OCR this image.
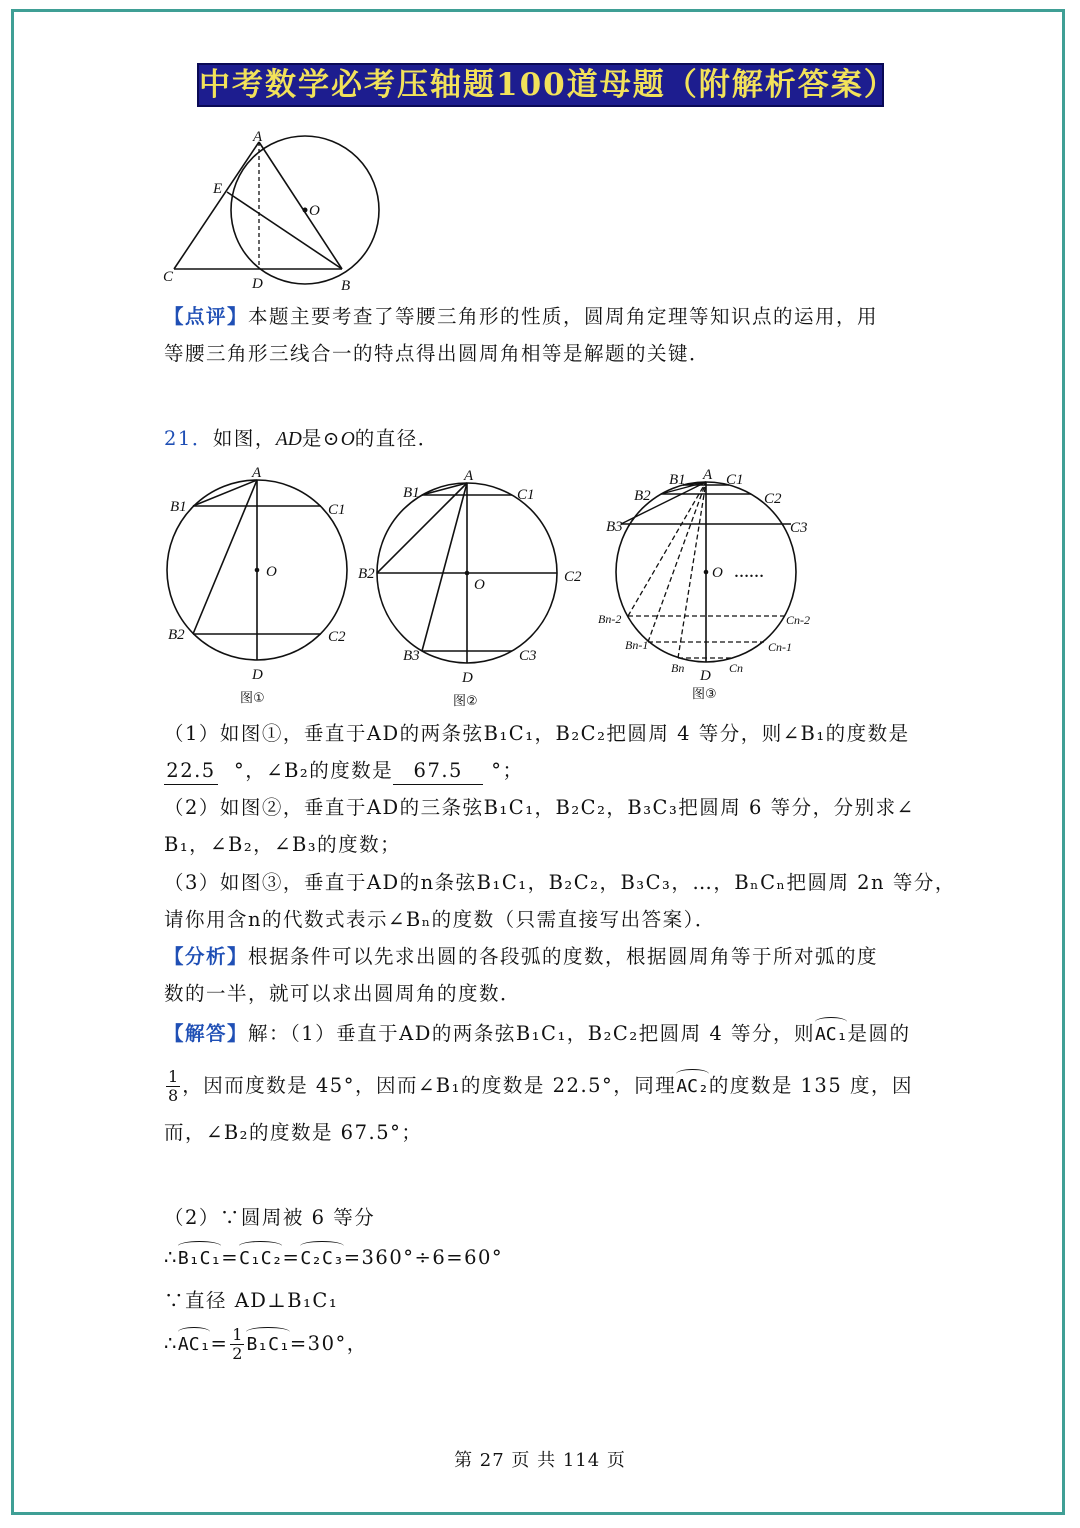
中考数学必考压轴题100道母题（附解析答案）
A
E
O
C	D	B
【点评】本题主要考查了等腰三角形的性质，圆周角定理等知识点的运用，用
等腰三角形三线合一的特点得出圆周角相等是解题的关键．
21．如图，AD是⊙O的直径．
A
B1	C1
O
B2	C2
D
图①
A
B1	C1
B2
O	C2
B3	C3
D
图②
A
B1	C1
B2	C2
B3	C3
O ……
Bn-2	Cn-2
Bn-1	Cn-1
Bn D Cn
图③
（1）如图①，垂直于AD的两条弦B₁C₁，B₂C₂把圆周 4 等分，则∠B₁的度数是
22.5 °，∠B₂的度数是 67.5 °；
（2）如图②，垂直于AD的三条弦B₁C₁，B₂C₂，B₃C₃把圆周 6 等分，分别求∠
B₁，∠B₂，∠B₃的度数；
（3）如图③，垂直于AD的n条弦B₁C₁，B₂C₂，B₃C₃，…，BₙCₙ把圆周 2n 等分，
请你用含n的代数式表示∠Bₙ的度数（只需直接写出答案）．
【分析】根据条件可以先求出圆的各段弧的度数，根据圆周角等于所对弧的度
数的一半，就可以求出圆周角的度数．
【解答】解：（1）垂直于AD的两条弦B₁C₁，B₂C₂把圆周 4 等分，则AC₁是圆的
$\frac{1}{8}$ ，因而度数是 45°，因而∠B₁的度数是 22.5°，同理AC₂的度数是 135 度，因
而，∠B₂的度数是 67.5°；
（2）∵圆周被 6 等分
∴B₁C₁=C₁C₂=C₂C₃=360°÷6=60°
∵直径 AD⊥B₁C₁
∴AC₁= $\frac{1}{2} B_1C_1=30^\circ$，
第 27 页 共 114 页
